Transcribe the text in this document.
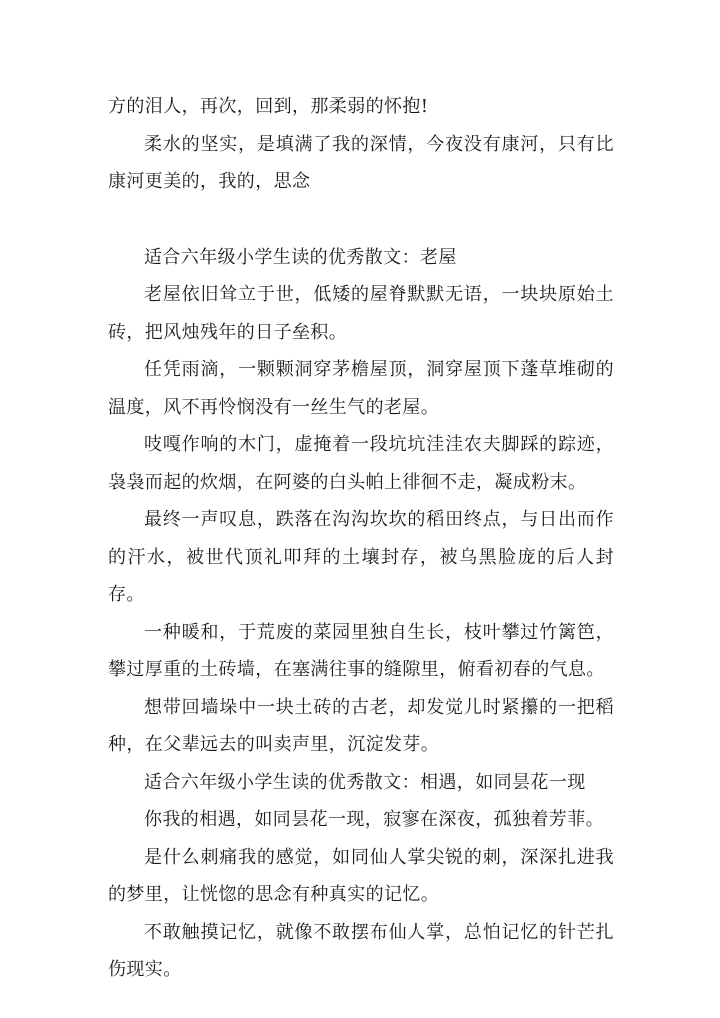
方的泪人，再次，回到，那柔弱的怀抱!

柔水的坚实，是填满了我的深情，今夜没有康河，只有比康河更美的，我的，思念

适合六年级小学生读的优秀散文：老屋

老屋依旧耸立于世，低矮的屋脊默默无语，一块块原始土砖，把风烛残年的日子垒积。

任凭雨滴，一颗颗洞穿茅檐屋顶，洞穿屋顶下蓬草堆砌的温度，风不再怜悯没有一丝生气的老屋。

吱嘎作响的木门，虚掩着一段坑坑洼洼农夫脚踩的踪迹，袅袅而起的炊烟，在阿婆的白头帕上徘徊不走，凝成粉末。

最终一声叹息，跌落在沟沟坎坎的稻田终点，与日出而作的汗水，被世代顶礼叩拜的土壤封存，被乌黑脸庞的后人封存。

一种暖和，于荒废的菜园里独自生长，枝叶攀过竹篱笆，攀过厚重的土砖墙，在塞满往事的缝隙里，俯看初春的气息。

想带回墙垛中一块土砖的古老，却发觉儿时紧攥的一把稻种，在父辈远去的叫卖声里，沉淀发芽。

适合六年级小学生读的优秀散文：相遇，如同昙花一现

你我的相遇，如同昙花一现，寂寥在深夜，孤独着芳菲。

是什么刺痛我的感觉，如同仙人掌尖锐的刺，深深扎进我的梦里，让恍惚的思念有种真实的记忆。

不敢触摸记忆，就像不敢摆布仙人掌，总怕记忆的针芒扎伤现实。
